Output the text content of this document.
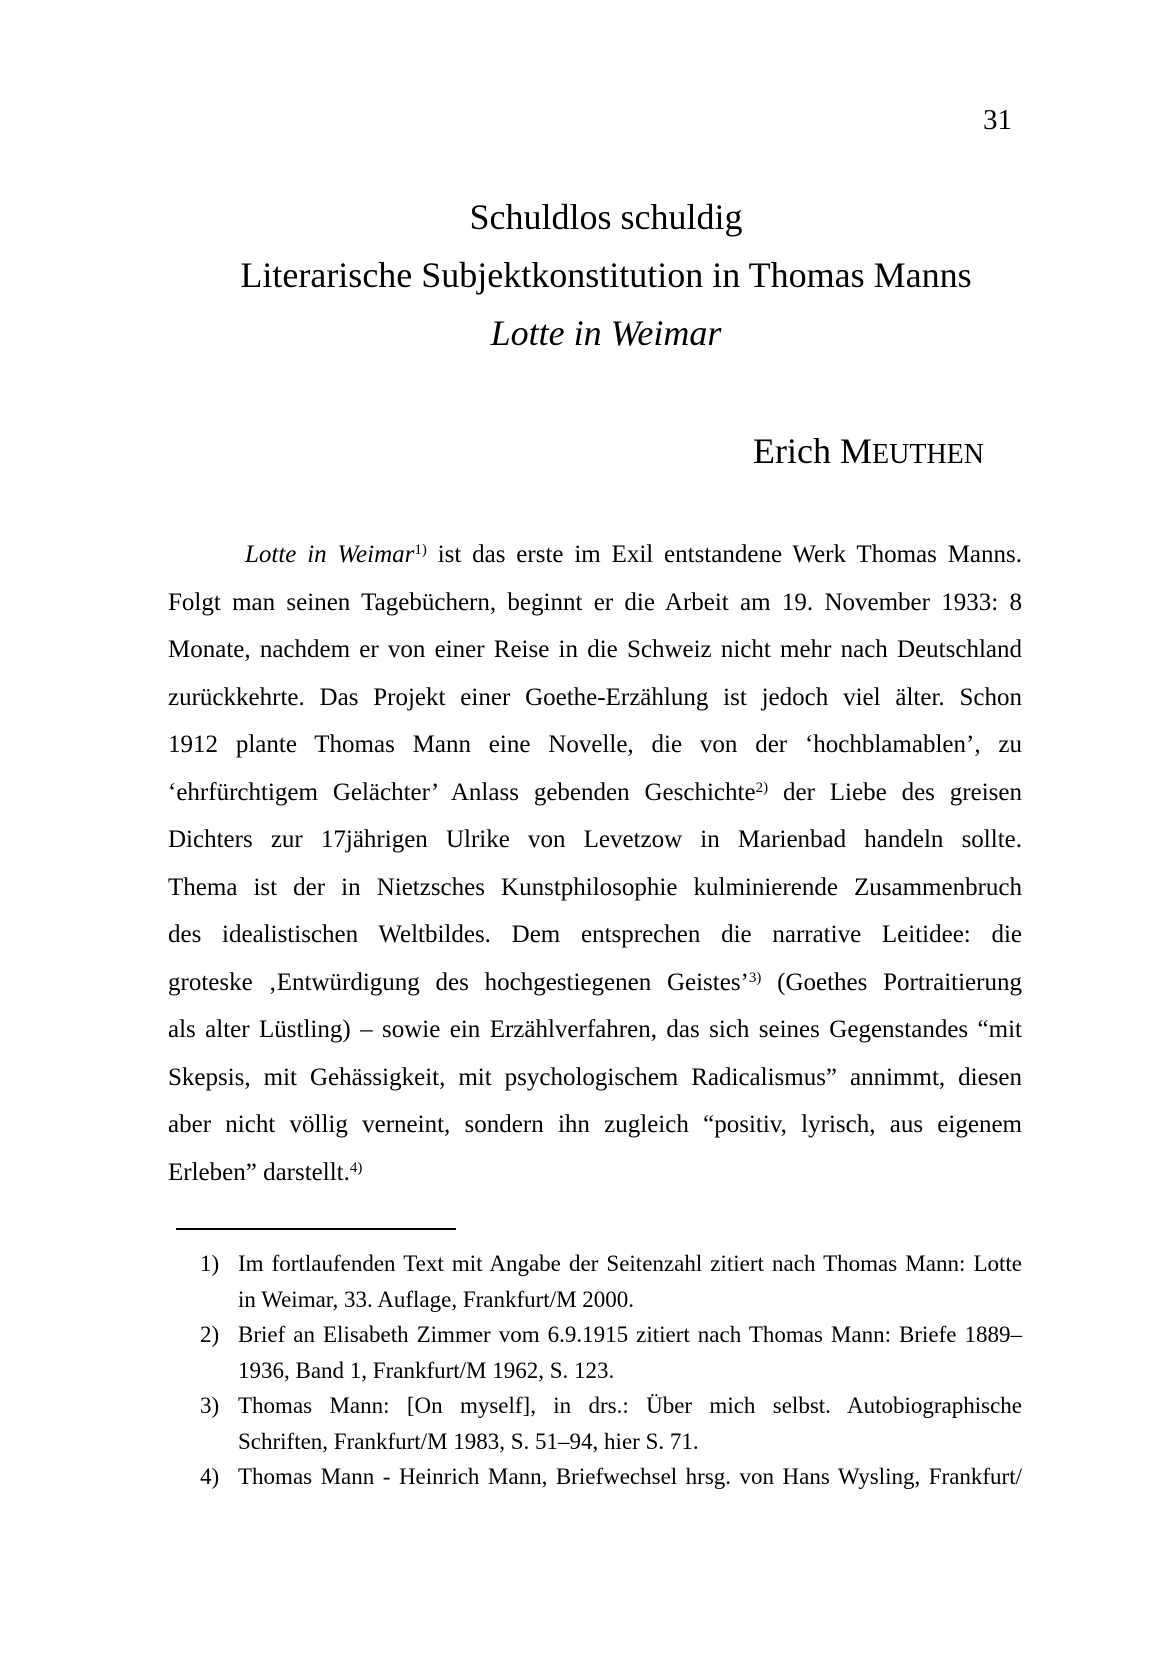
31
Schuldlos schuldig
Literarische Subjektkonstitution in Thomas Manns
Lotte in Weimar
Erich MEUTHEN
Lotte in Weimar$^{1)}$ ist das erste im Exil entstandene Werk Thomas Manns.
Folgt man seinen Tagebüchern, beginnt er die Arbeit am 19. November 1933: 8
Monate, nachdem er von einer Reise in die Schweiz nicht mehr nach Deutschland
zurückkehrte. Das Projekt einer Goethe-Erzählung ist jedoch viel älter. Schon
1912 plante Thomas Mann eine Novelle, die von der ‘hochblamablen’, zu
‘ehrfürchtigem Gelächter’ Anlass gebenden Geschichte$^{2)}$ der Liebe des greisen
Dichters zur 17jährigen Ulrike von Levetzow in Marienbad handeln sollte.
Thema ist der in Nietzsches Kunstphilosophie kulminierende Zusammenbruch
des idealistischen Weltbildes. Dem entsprechen die narrative Leitidee: die
groteske ‚Entwürdigung des hochgestiegenen Geistes’$^{3)}$ (Goethes Portraitierung
als alter Lüstling) – sowie ein Erzählverfahren, das sich seines Gegenstandes “mit
Skepsis, mit Gehässigkeit, mit psychologischem Radicalismus” annimmt, diesen
aber nicht völlig verneint, sondern ihn zugleich “positiv, lyrisch, aus eigenem
Erleben” darstellt.$^{4)}$
1) Im fortlaufenden Text mit Angabe der Seitenzahl zitiert nach Thomas Mann: Lotte
in Weimar, 33. Auflage, Frankfurt/M 2000.
2) Brief an Elisabeth Zimmer vom 6.9.1915 zitiert nach Thomas Mann: Briefe 1889–
1936, Band 1, Frankfurt/M 1962, S. 123.
3) Thomas Mann: [On myself], in drs.: Über mich selbst. Autobiographische
Schriften, Frankfurt/M 1983, S. 51–94, hier S. 71.
4) Thomas Mann - Heinrich Mann, Briefwechsel hrsg. von Hans Wysling, Frankfurt/
